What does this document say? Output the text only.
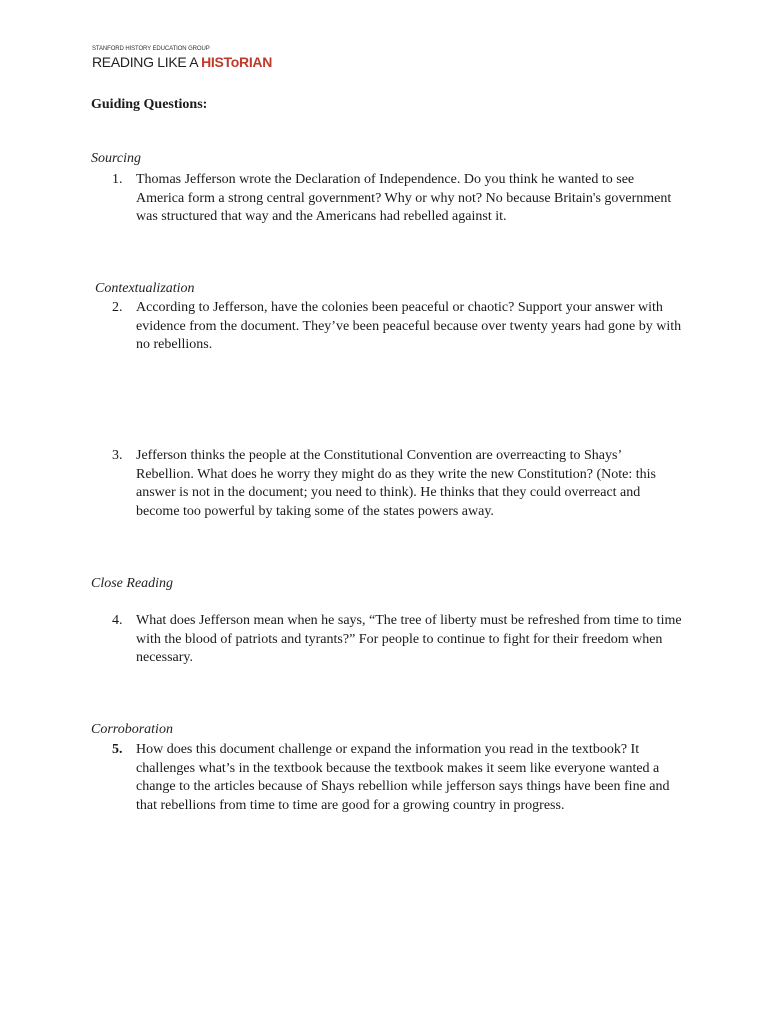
STANFORD HISTORY EDUCATION GROUP
READING LIKE A HISToRIAN
Guiding Questions:
Sourcing
1. Thomas Jefferson wrote the Declaration of Independence. Do you think he wanted to see America form a strong central government? Why or why not? No because Britain's government was structured that way and the Americans had rebelled against it.
Contextualization
2. According to Jefferson, have the colonies been peaceful or chaotic? Support your answer with evidence from the document. They’ve been peaceful because over twenty years had gone by with no rebellions.
3. Jefferson thinks the people at the Constitutional Convention are overreacting to Shays’ Rebellion. What does he worry they might do as they write the new Constitution? (Note: this answer is not in the document; you need to think). He thinks that they could overreact and become too powerful by taking some of the states powers away.
Close Reading
4. What does Jefferson mean when he says, “The tree of liberty must be refreshed from time to time with the blood of patriots and tyrants?” For people to continue to fight for their freedom when necessary.
Corroboration
5. How does this document challenge or expand the information you read in the textbook? It challenges what’s in the textbook because the textbook makes it seem like everyone wanted a change to the articles because of Shays rebellion while jefferson says things have been fine and that rebellions from time to time are good for a growing country in progress.
